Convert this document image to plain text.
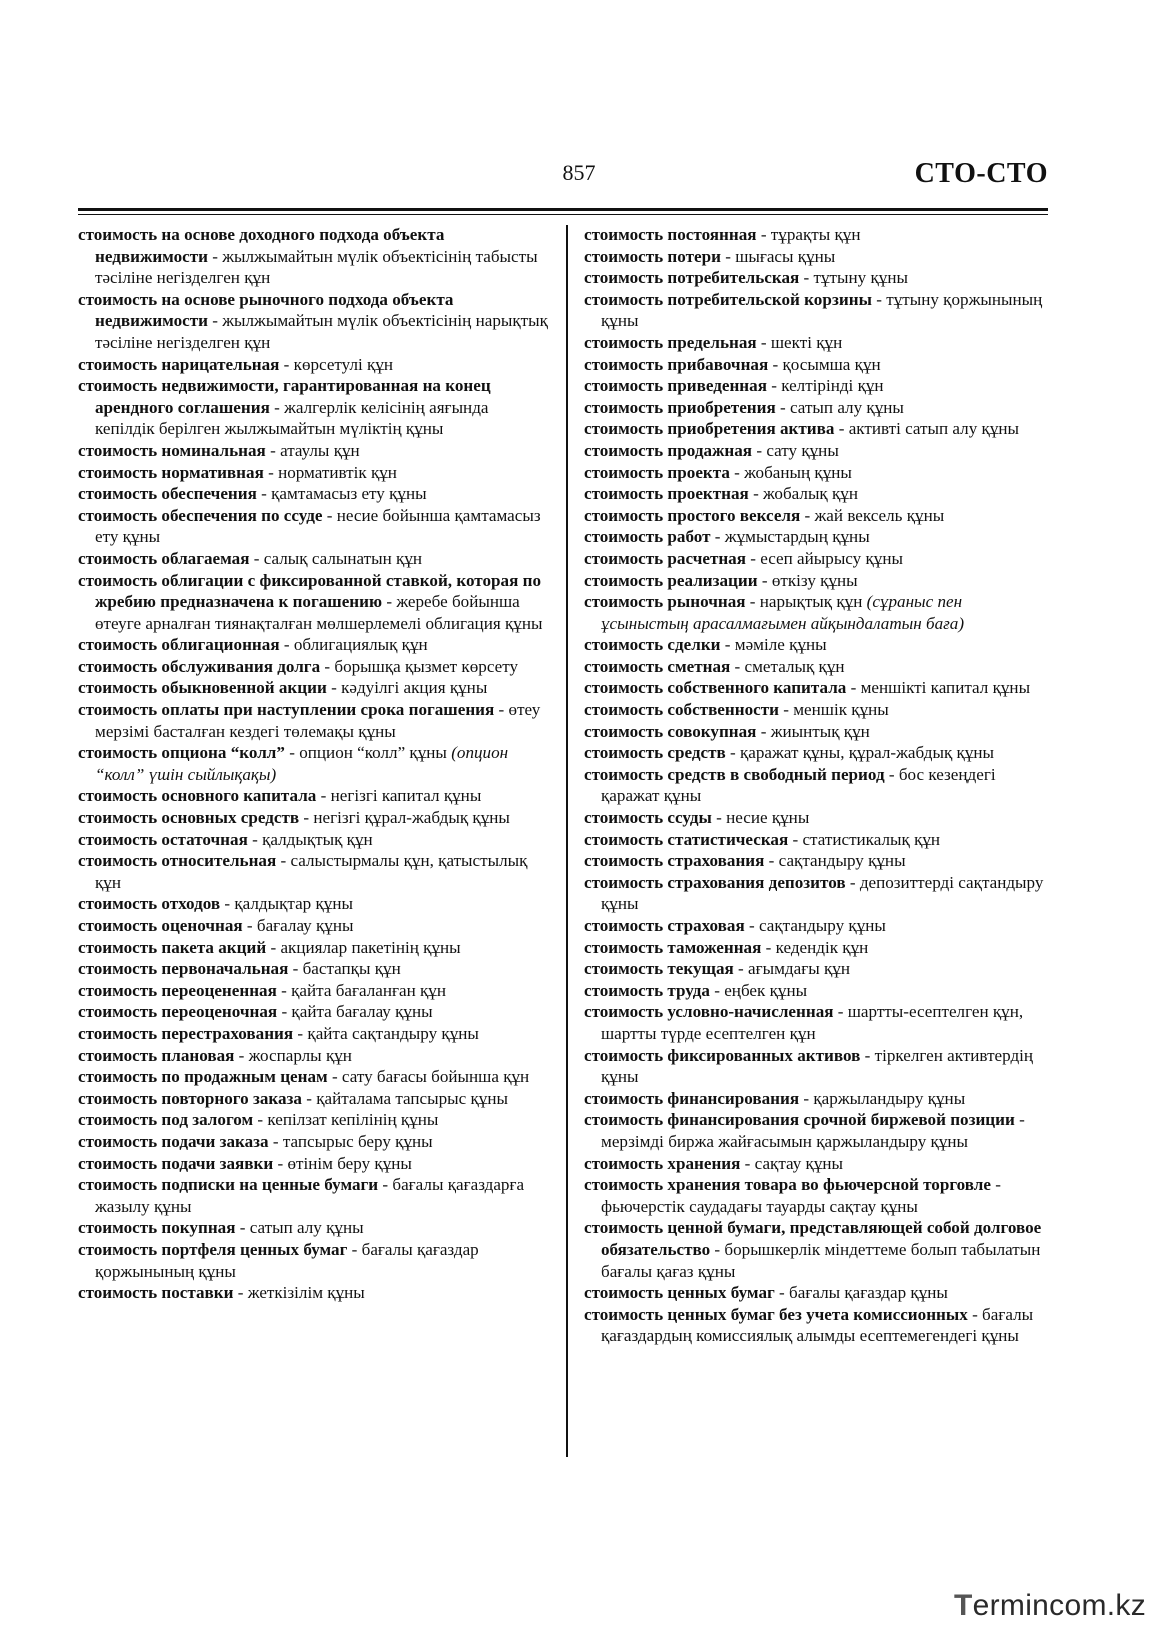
857	СТО-СТО
стоимость на основе доходного подхода объекта недвижимости - жылжымайтын мүлік объектісінің табысты тәсіліне негізделген құн
стоимость на основе рыночного подхода объекта недвижимости - жылжымайтын мүлік объектісінің нарықтық тәсіліне негізделген құн
стоимость нарицательная - көрсетулі құн
стоимость недвижимости, гарантированная на конец арендного соглашения - жалгерлік келісінің аяғында кепілдік берілген жылжымайтын мүліктің құны
стоимость номинальная - атаулы құн
стоимость нормативная - нормативтік құн
стоимость обеспечения - қамтамасыз ету құны
стоимость обеспечения по ссуде - несие бойынша қамтамасыз ету құны
стоимость облагаемая - салық салынатын құн
стоимость облигации с фиксированной ставкой, которая по жребию предназначена к погашению - жеребе бойынша өтеуге арналған тиянақталған мөлшерлемелі облигация құны
стоимость облигационная - облигациялық құн
стоимость обслуживания долга - борышқа қызмет көрсету
стоимость обыкновенной акции - кәдуілгі акция құны
стоимость оплаты при наступлении срока погашения - өтеу мерзімі басталған кездегі төлемақы құны
стоимость опциона “колл” - опцион “колл” құны (опцион “колл” үшін сыйлықақы)
стоимость основного капитала - негізгі капитал құны
стоимость основных средств - негізгі құрал-жабдық құны
стоимость остаточная - қалдықтық құн
стоимость относительная - салыстырмалы құн, қатыстылық құн
стоимость отходов - қалдықтар құны
стоимость оценочная - бағалау құны
стоимость пакета акций - акциялар пакетінің құны
стоимость первоначальная - бастапқы құн
стоимость переоцененная - қайта бағаланған құн
стоимость переоценочная - қайта бағалау құны
стоимость перестрахования - қайта сақтандыру құны
стоимость плановая - жоспарлы құн
стоимость по продажным ценам - сату бағасы бойынша құн
стоимость повторного заказа - қайталама тапсырыс құны
стоимость под залогом - кепілзат кепілінің құны
стоимость подачи заказа - тапсырыс беру құны
стоимость подачи заявки - өтінім беру құны
стоимость подписки на ценные бумаги - бағалы қағаздарға жазылу құны
стоимость покупная - сатып алу құны
стоимость портфеля ценных бумаг - бағалы қағаздар қоржынының құны
стоимость поставки - жеткізілім құны
стоимость постоянная - тұрақты құн
стоимость потери - шығасы құны
стоимость потребительская - тұтыну құны
стоимость потребительской корзины - тұтыну қоржынының құны
стоимость предельная - шекті құн
стоимость прибавочная - қосымша құн
стоимость приведенная - келтірінді құн
стоимость приобретения - сатып алу құны
стоимость приобретения актива - активті сатып алу құны
стоимость продажная - сату құны
стоимость проекта - жобаның құны
стоимость проектная - жобалық құн
стоимость простого векселя - жай вексель құны
стоимость работ - жұмыстардың құны
стоимость расчетная - есеп айырысу құны
стоимость реализации - өткізу құны
стоимость рыночная - нарықтық құн (сұраныс пен ұсыныстың арасалмағымен айқындалатын баға)
стоимость сделки - мәміле құны
стоимость сметная - сметалық құн
стоимость собственного капитала - меншікті капитал құны
стоимость собственности - меншік құны
стоимость совокупная - жиынтық құн
стоимость средств - қаражат құны, құрал-жабдық құны
стоимость средств в свободный период - бос кезеңдегі қаражат құны
стоимость ссуды - несие құны
стоимость статистическая - статистикалық құн
стоимость страхования - сақтандыру құны
стоимость страхования депозитов - депозиттерді сақтандыру құны
стоимость страховая - сақтандыру құны
стоимость таможенная - кедендік құн
стоимость текущая - ағымдағы құн
стоимость труда - еңбек құны
стоимость условно-начисленная - шартты-есептелген құн, шартты түрде есептелген құн
стоимость фиксированных активов - тіркелген активтердің құны
стоимость финансирования - қаржыландыру құны
стоимость финансирования срочной биржевой позиции - мерзімді биржа жайғасымын қаржыландыру құны
стоимость хранения - сақтау құны
стоимость хранения товара во фьючерсной торговле - фьючерстік саудадағы тауарды сақтау құны
стоимость ценной бумаги, представляющей собой долговое обязательство - борышкерлік міндеттеме болып табылатын бағалы қағаз құны
стоимость ценных бумаг - бағалы қағаздар құны
стоимость ценных бумаг без учета комиссионных - бағалы қағаздардың комиссиялық алымды есептемегендегі құны
Termincоm.kz
